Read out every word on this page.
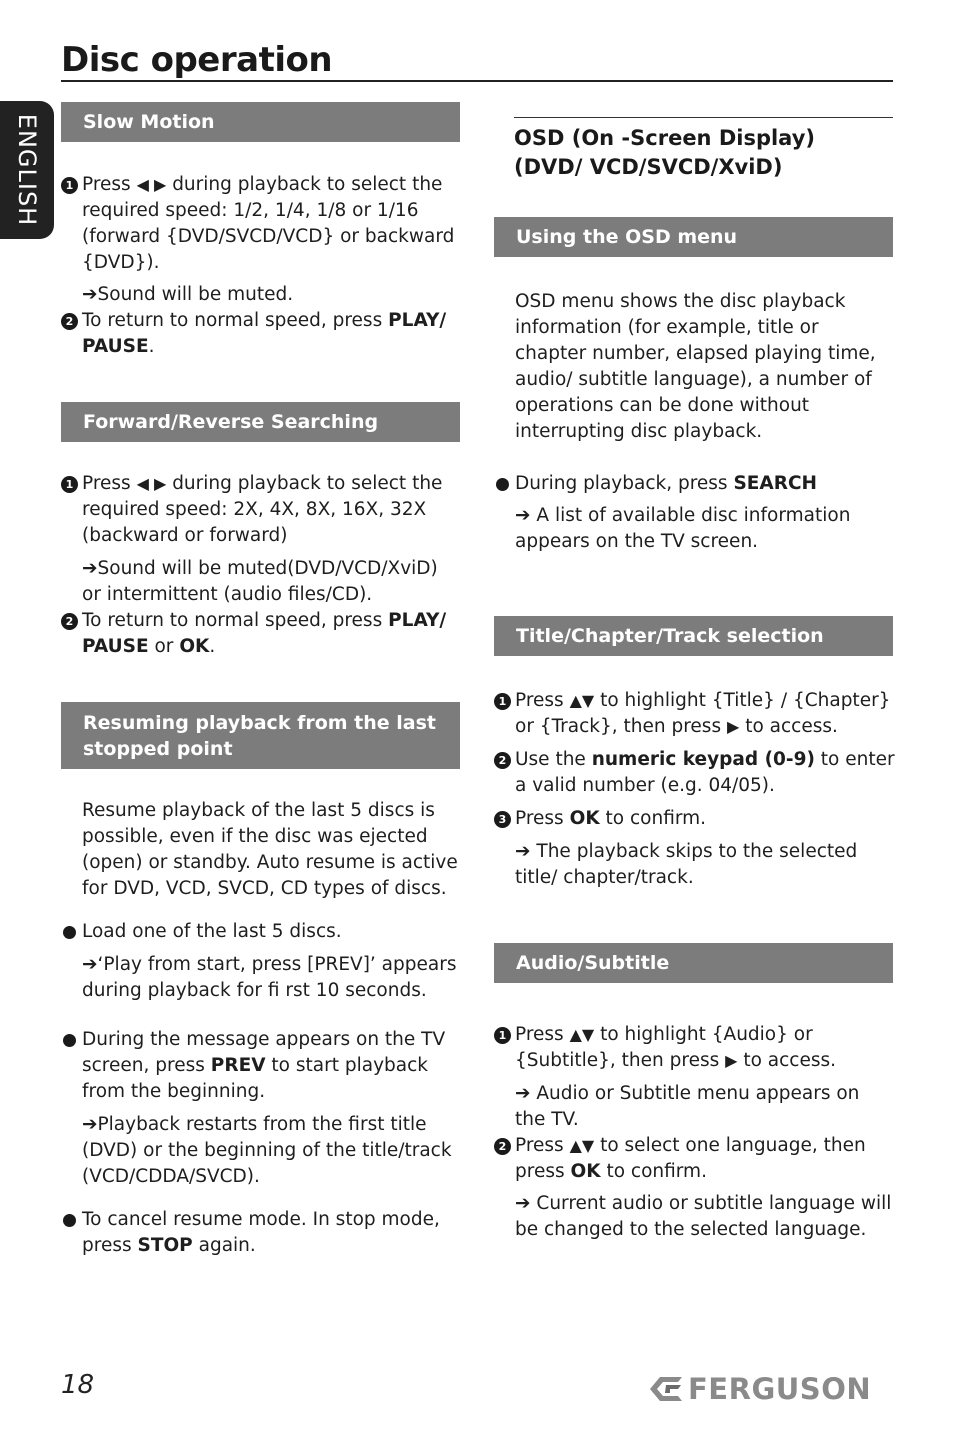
Disc operation
ENGLISH	Slow Motion
1 Press ◀ ▶ during playback to select the required speed: 1/2, 1/4, 1/8 or 1/16 (forward {DVD/SVCD/VCD} or backward {DVD}).
➔Sound will be muted.
2 To return to normal speed, press PLAY/ PAUSE.
Forward/Reverse Searching
1 Press ◀ ▶ during playback to select the required speed: 2X, 4X, 8X, 16X, 32X (backward or forward)
➔Sound will be muted(DVD/VCD/XviD) or intermittent (audio files/CD).
2 To return to normal speed, press PLAY/ PAUSE or OK.
Resuming playback from the last stopped point
Resume playback of the last 5 discs is possible, even if the disc was ejected (open) or standby. Auto resume is active for DVD, VCD, SVCD, CD types of discs.
Load one of the last 5 discs.
➔‘Play from start, press [PREV]’ appears during playback for fi rst 10 seconds.
During the message appears on the TV screen, press PREV to start playback from the beginning.
➔Playback restarts from the first title (DVD) or the beginning of the title/track (VCD/CDDA/SVCD).
To cancel resume mode. In stop mode, press STOP again.
OSD (On -Screen Display) (DVD/ VCD/SVCD/XviD)
Using the OSD menu
OSD menu shows the disc playback information (for example, title or chapter number, elapsed playing time, audio/ subtitle language), a number of operations can be done without interrupting disc playback.
During playback, press SEARCH
➔ A list of available disc information appears on the TV screen.
Title/Chapter/Track selection
1 Press ▲▼ to highlight {Title} / {Chapter} or {Track}, then press ▶ to access.
2 Use the numeric keypad (0-9) to enter a valid number (e.g. 04/05).
3 Press OK to confirm.
➔ The playback skips to the selected title/ chapter/track.
Audio/Subtitle
1 Press ▲▼ to highlight {Audio} or {Subtitle}, then press ▶ to access.
➔ Audio or Subtitle menu appears on the TV.
2 Press ▲▼ to select one language, then press OK to confirm.
➔ Current audio or subtitle language will be changed to the selected language.
18	FERGUSON
